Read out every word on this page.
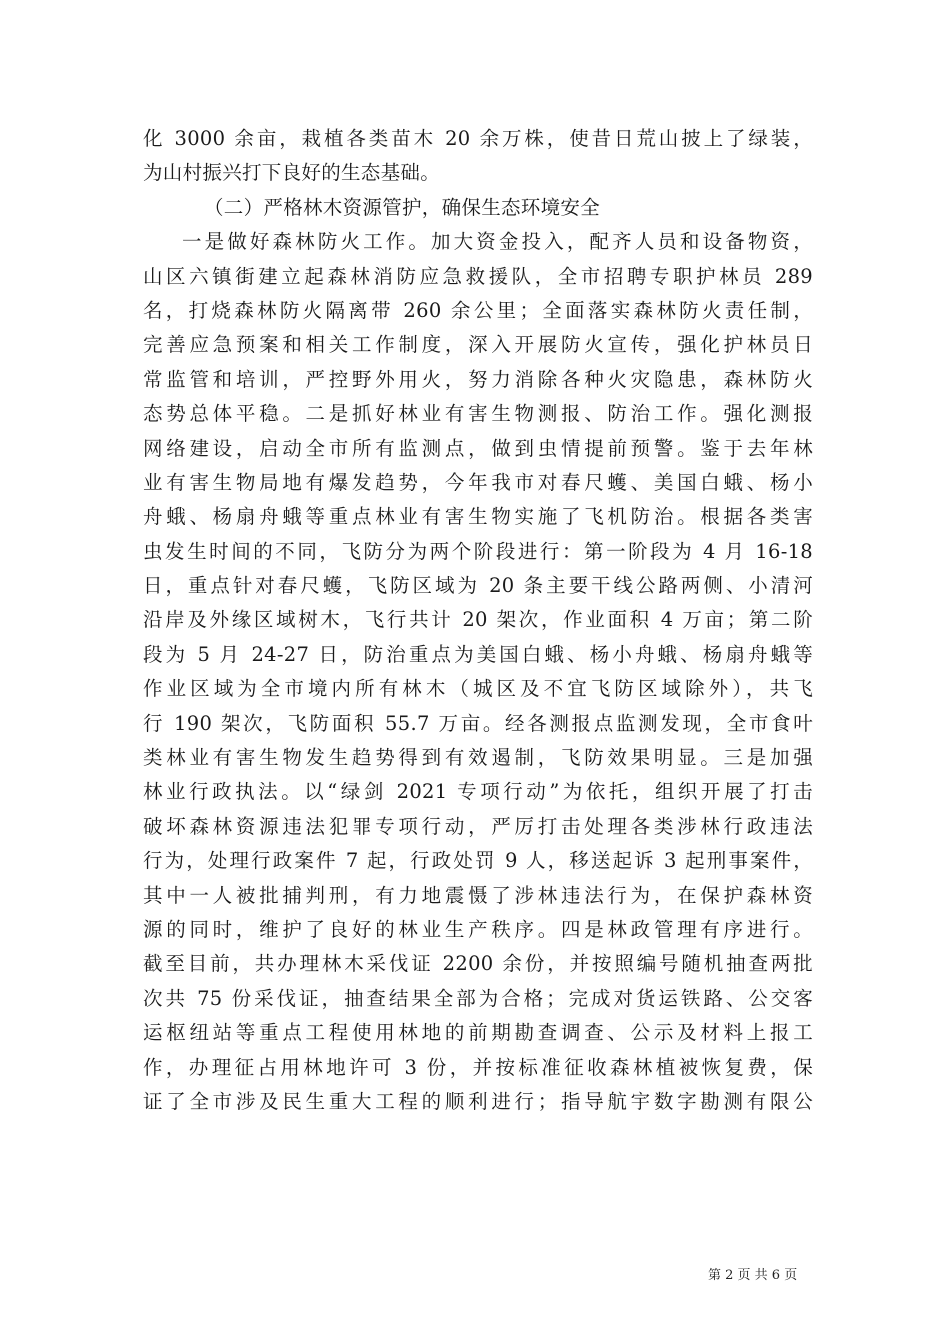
化 3000 余亩，栽植各类苗木 20 余万株，使昔日荒山披上了绿装，
为山村振兴打下良好的生态基础。
（二）严格林木资源管护，确保生态环境安全
一是做好森林防火工作。加大资金投入，配齐人员和设备物资，
山区六镇街建立起森林消防应急救援队，全市招聘专职护林员 289
名，打烧森林防火隔离带 260 余公里；全面落实森林防火责任制，
完善应急预案和相关工作制度，深入开展防火宣传，强化护林员日
常监管和培训，严控野外用火，努力消除各种火灾隐患，森林防火
态势总体平稳。二是抓好林业有害生物测报、防治工作。强化测报
网络建设，启动全市所有监测点，做到虫情提前预警。鉴于去年林
业有害生物局地有爆发趋势，今年我市对春尺蠖、美国白蛾、杨小
舟蛾、杨扇舟蛾等重点林业有害生物实施了飞机防治。根据各类害
虫发生时间的不同，飞防分为两个阶段进行：第一阶段为 4 月 16-18
日，重点针对春尺蠖，飞防区域为 20 条主要干线公路两侧、小清河
沿岸及外缘区域树木，飞行共计 20 架次，作业面积 4 万亩；第二阶
段为 5 月 24-27 日，防治重点为美国白蛾、杨小舟蛾、杨扇舟蛾等
作业区域为全市境内所有林木（城区及不宜飞防区域除外），共飞
行 190 架次，飞防面积 55.7 万亩。经各测报点监测发现，全市食叶
类林业有害生物发生趋势得到有效遏制，飞防效果明显。三是加强
林业行政执法。以“绿剑 2021 专项行动”为依托，组织开展了打击
破坏森林资源违法犯罪专项行动，严厉打击处理各类涉林行政违法
行为，处理行政案件 7 起，行政处罚 9 人，移送起诉 3 起刑事案件，
其中一人被批捕判刑，有力地震慑了涉林违法行为，在保护森林资
源的同时，维护了良好的林业生产秩序。四是林政管理有序进行。
截至目前，共办理林木采伐证 2200 余份，并按照编号随机抽查两批
次共 75 份采伐证，抽查结果全部为合格；完成对货运铁路、公交客
运枢纽站等重点工程使用林地的前期勘查调查、公示及材料上报工
作，办理征占用林地许可 3 份，并按标准征收森林植被恢复费，保
证了全市涉及民生重大工程的顺利进行；指导航宇数字勘测有限公
第 2 页 共 6 页
